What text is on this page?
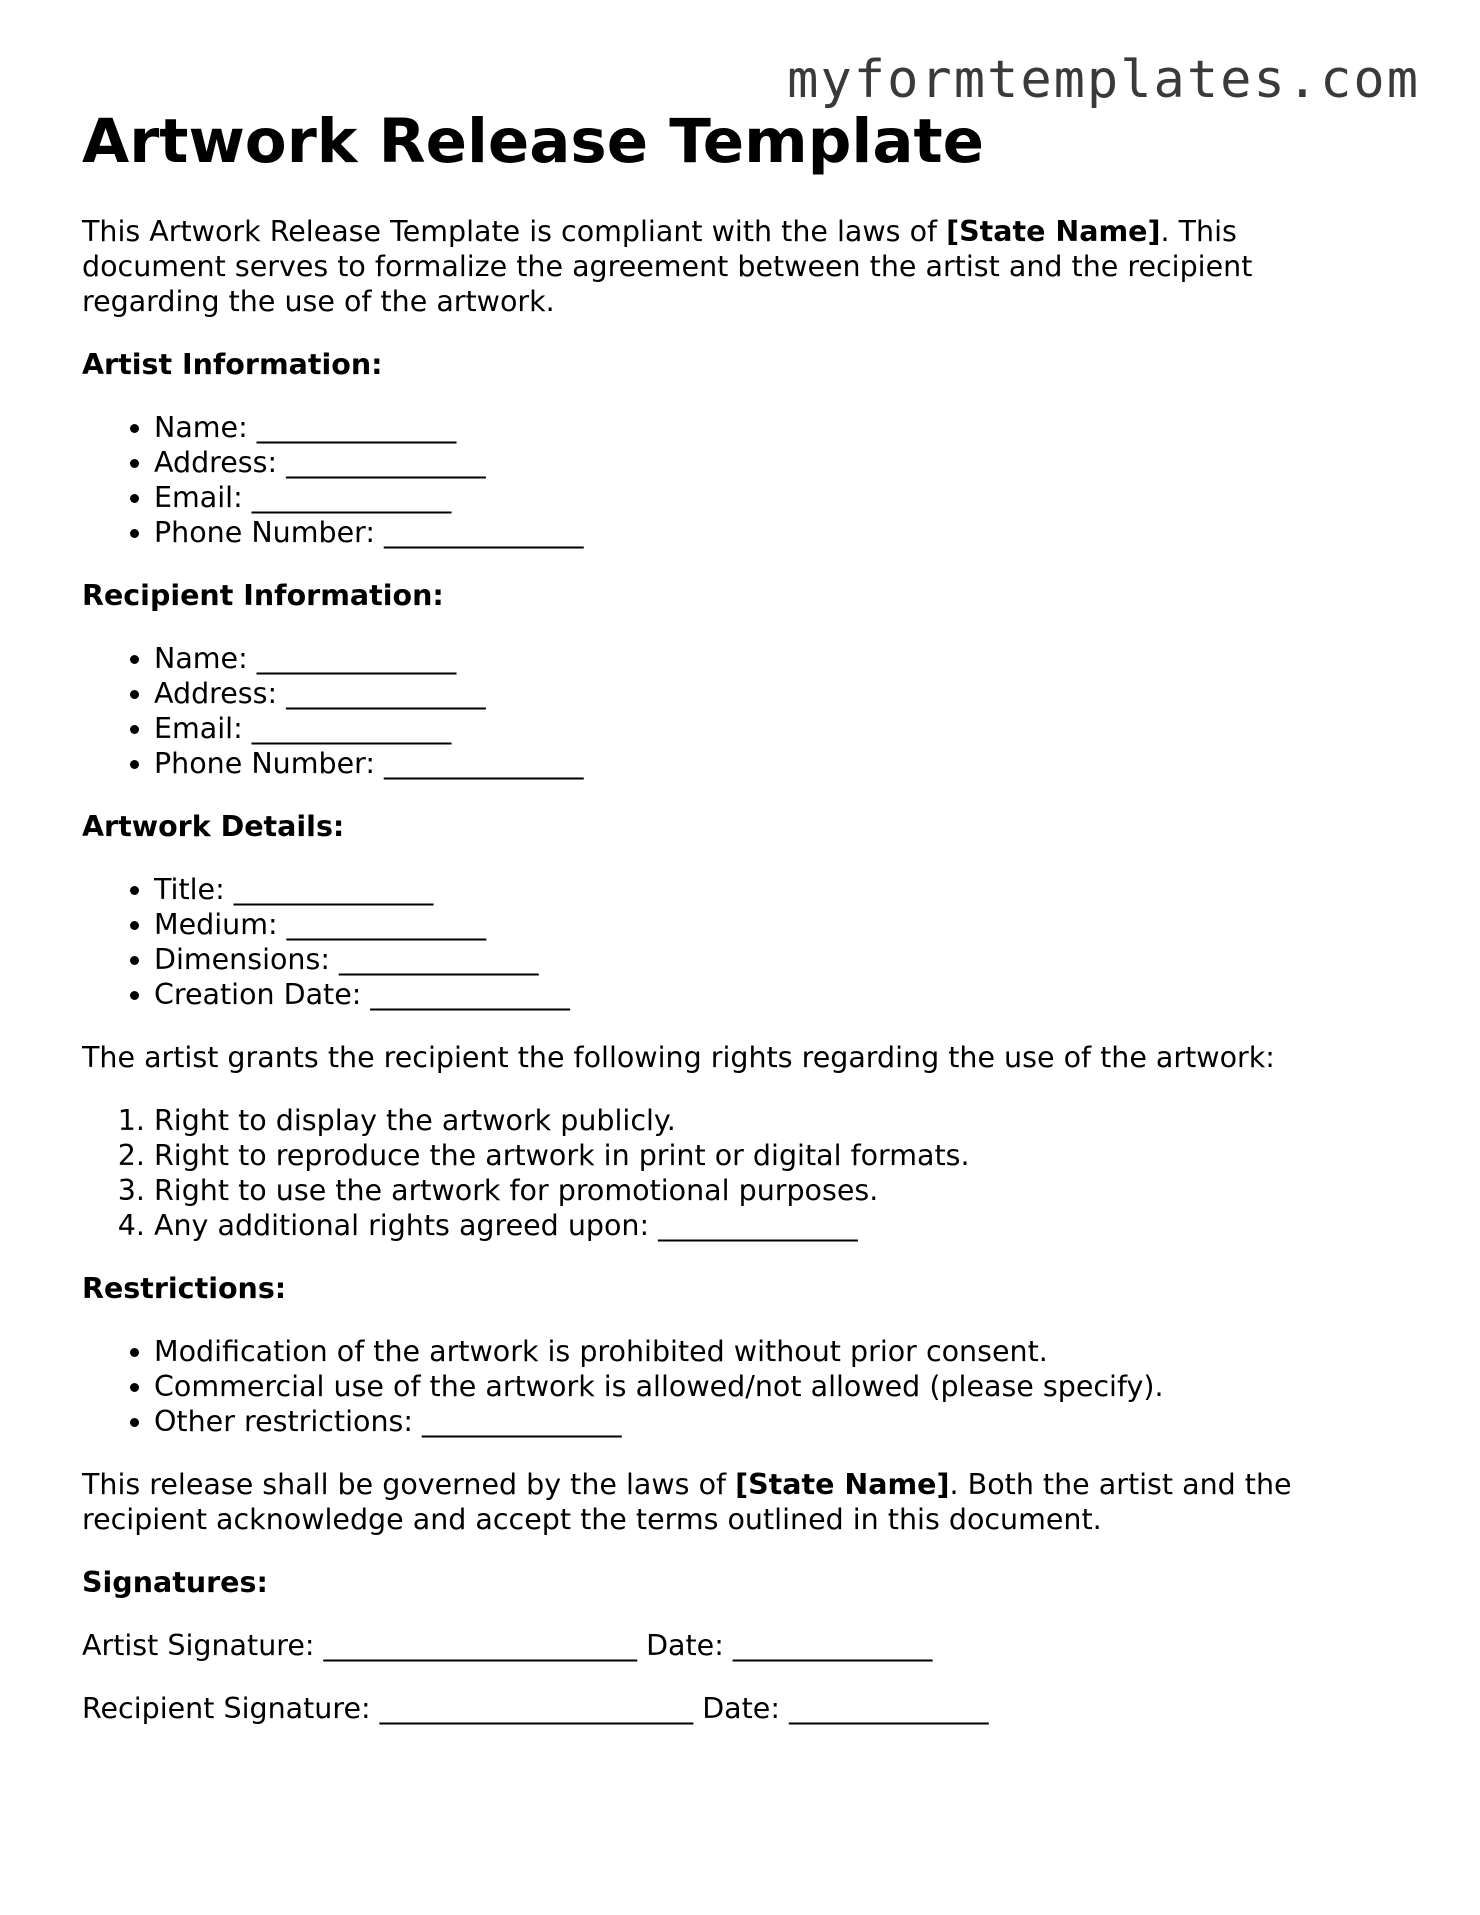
myformtemplates.com
Artwork Release Template

This Artwork Release Template is compliant with the laws of [State Name]. This document serves to formalize the agreement between the artist and the recipient regarding the use of the artwork.

Artist Information:

• Name: ______________
• Address: ______________
• Email: ______________
• Phone Number: ______________

Recipient Information:

• Name: ______________
• Address: ______________
• Email: ______________
• Phone Number: ______________

Artwork Details:

• Title: ______________
• Medium: ______________
• Dimensions: ______________
• Creation Date: ______________

The artist grants the recipient the following rights regarding the use of the artwork:

1. Right to display the artwork publicly.
2. Right to reproduce the artwork in print or digital formats.
3. Right to use the artwork for promotional purposes.
4. Any additional rights agreed upon: ______________

Restrictions:

• Modification of the artwork is prohibited without prior consent.
• Commercial use of the artwork is allowed/not allowed (please specify).
• Other restrictions: ______________

This release shall be governed by the laws of [State Name]. Both the artist and the recipient acknowledge and accept the terms outlined in this document.

Signatures:

Artist Signature: ______________________ Date: ______________

Recipient Signature: ______________________ Date: ______________
